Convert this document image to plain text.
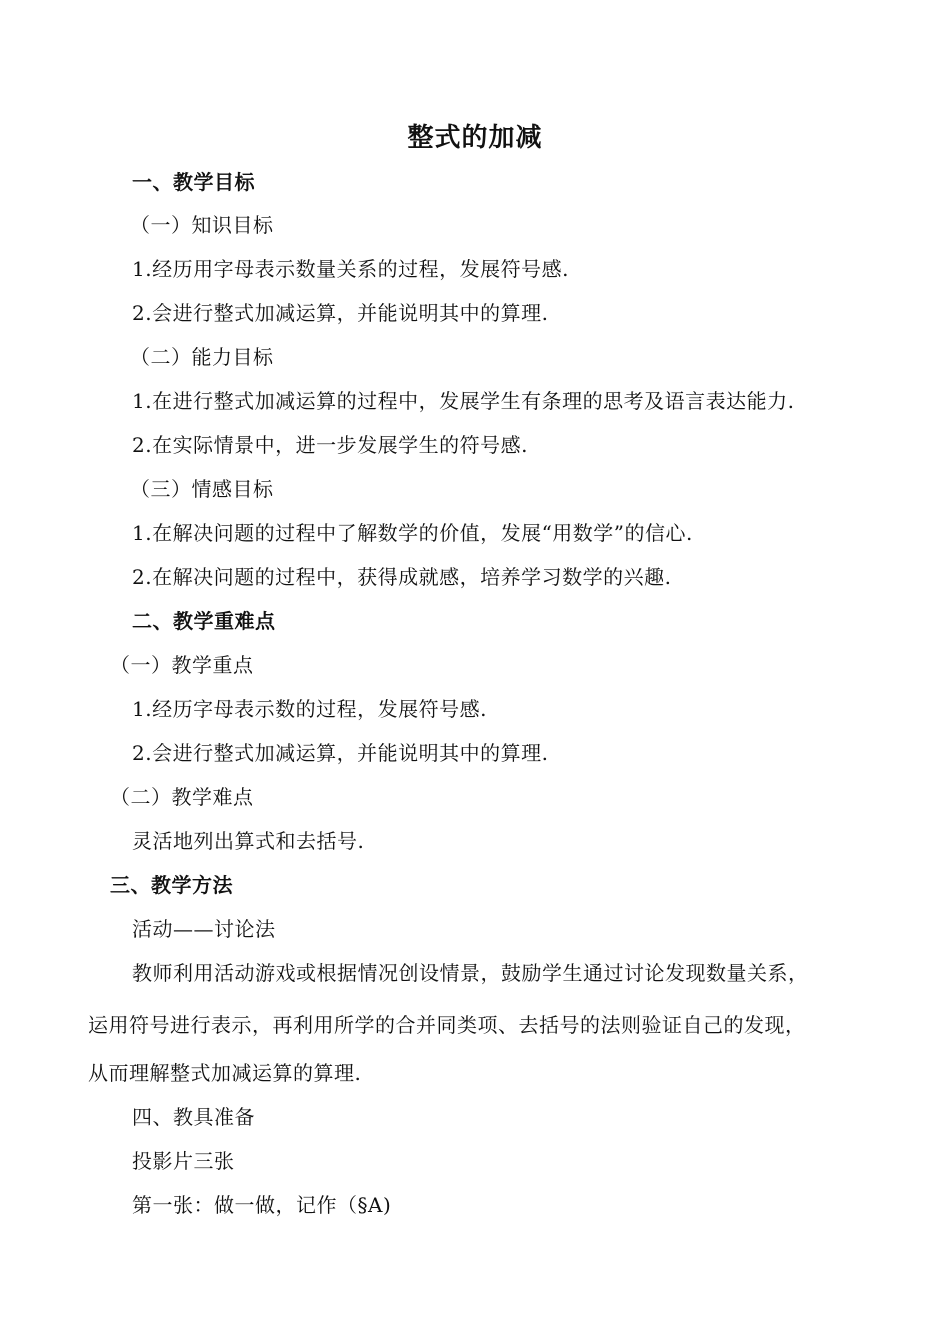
整式的加减
一、教学目标
（一）知识目标
1.经历用字母表示数量关系的过程，发展符号感.
2.会进行整式加减运算，并能说明其中的算理.
（二）能力目标
1.在进行整式加减运算的过程中，发展学生有条理的思考及语言表达能力.
2.在实际情景中，进一步发展学生的符号感.
（三）情感目标
1.在解决问题的过程中了解数学的价值，发展“用数学”的信心.
2.在解决问题的过程中，获得成就感，培养学习数学的兴趣.
二、教学重难点
（一）教学重点
1.经历字母表示数的过程，发展符号感.
2.会进行整式加减运算，并能说明其中的算理.
（二）教学难点
灵活地列出算式和去括号.
三、教学方法
活动——讨论法
教师利用活动游戏或根据情况创设情景，鼓励学生通过讨论发现数量关系，
运用符号进行表示，再利用所学的合并同类项、去括号的法则验证自己的发现，
从而理解整式加减运算的算理.
四、教具准备
投影片三张
第一张：做一做，记作（§A)
